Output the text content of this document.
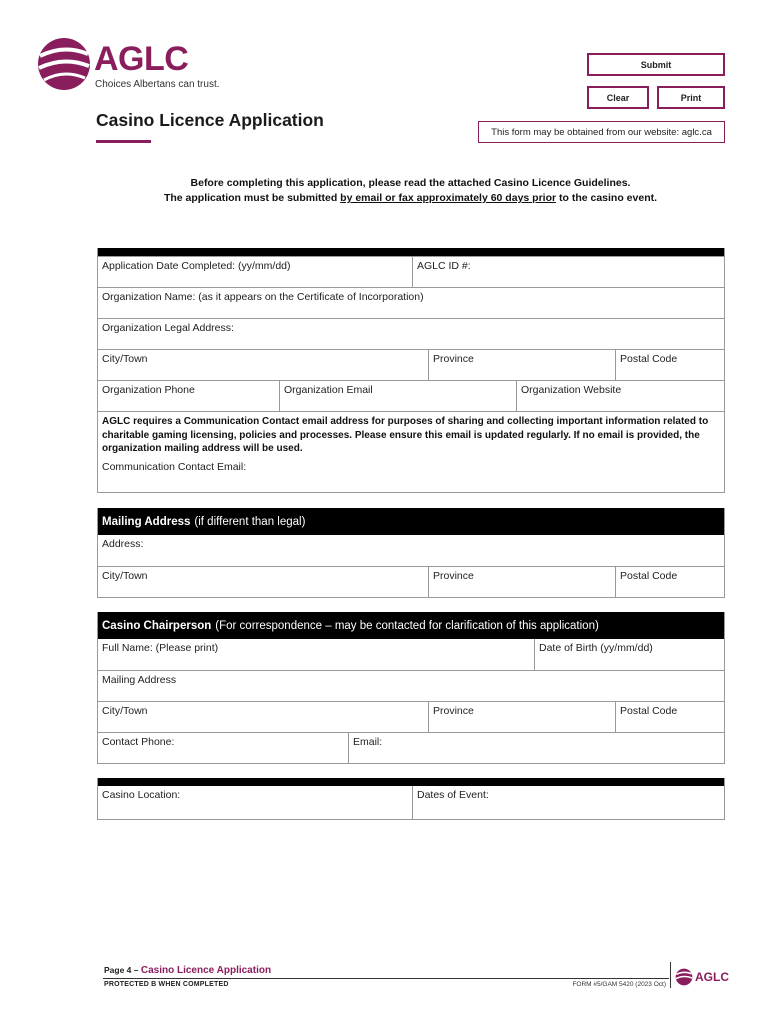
AGLC
Choices Albertans can trust.
Submit
Clear	Print
Casino Licence Application
This form may be obtained from our website: aglc.ca
Before completing this application, please read the attached Casino Licence Guidelines.
The application must be submitted by email or fax approximately 60 days prior to the casino event.
Application Date Completed: (yy/mm/dd)	AGLC ID #:
Organization Name: (as it appears on the Certificate of Incorporation)
Organization Legal Address:
City/Town	Province	Postal Code
Organization Phone	Organization Email	Organization Website
AGLC requires a Communication Contact email address for purposes of sharing and collecting important information related to charitable gaming licensing, policies and processes. Please ensure this email is updated regularly. If no email is provided, the organization mailing address will be used.
Communication Contact Email:
Mailing Address (if different than legal)
Address:
City/Town	Province	Postal Code
Casino Chairperson (For correspondence – may be contacted for clarification of this application)
Full Name: (Please print)	Date of Birth (yy/mm/dd)
Mailing Address
City/Town	Province	Postal Code
Contact Phone:	Email:
Casino Location:	Dates of Event:
Page 4 – Casino Licence Application
PROTECTED B WHEN COMPLETED	FORM #5/GAM 5420 (2023 Oct)
AGLC
